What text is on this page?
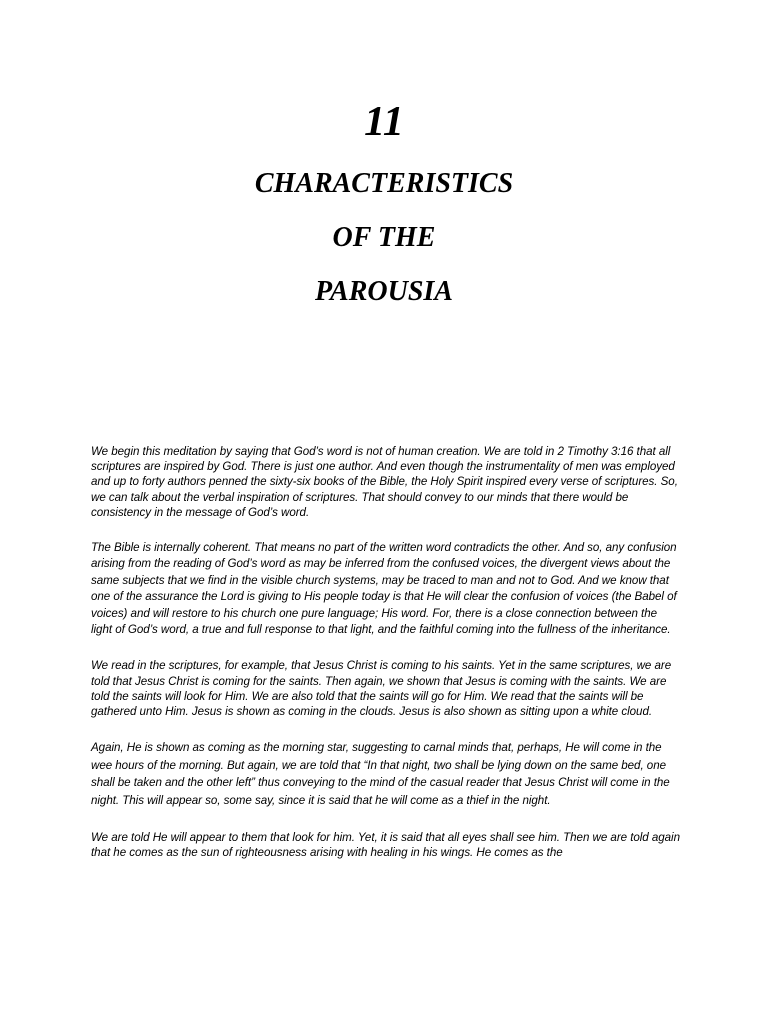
11
CHARACTERISTICS
OF THE
PAROUSIA

We begin this meditation by saying that God’s word is not of human creation. We are told in 2 Timothy 3:16 that all scriptures are inspired by God. There is just one author. And even though the instrumentality of men was employed and up to forty authors penned the sixty-six books of the Bible, the Holy Spirit inspired every verse of scriptures. So, we can talk about the verbal inspiration of scriptures. That should convey to our minds that there would be consistency in the message of God’s word.

The Bible is internally coherent. That means no part of the written word contradicts the other. And so, any confusion arising from the reading of God’s word as may be inferred from the confused voices, the divergent views about the same subjects that we find in the visible church systems, may be traced to man and not to God. And we know that one of the assurance the Lord is giving to His people today is that He will clear the confusion of voices (the Babel of voices) and will restore to his church one pure language; His word. For, there is a close connection between the light of God’s word, a true and full response to that light, and the faithful coming into the fullness of the inheritance.

We read in the scriptures, for example, that Jesus Christ is coming to his saints. Yet in the same scriptures, we are told that Jesus Christ is coming for the saints. Then again, we shown that Jesus is coming with the saints. We are told the saints will look for Him. We are also told that the saints will go for Him. We read that the saints will be gathered unto Him. Jesus is shown as coming in the clouds. Jesus is also shown as sitting upon a white cloud.

Again, He is shown as coming as the morning star, suggesting to carnal minds that, perhaps, He will come in the wee hours of the morning. But again, we are told that “In that night, two shall be lying down on the same bed, one shall be taken and the other left” thus conveying to the mind of the casual reader that Jesus Christ will come in the night. This will appear so, some say, since it is said that he will come as a thief in the night.

We are told He will appear to them that look for him. Yet, it is said that all eyes shall see him. Then we are told again that he comes as the sun of righteousness arising with healing in his wings. He comes as the
